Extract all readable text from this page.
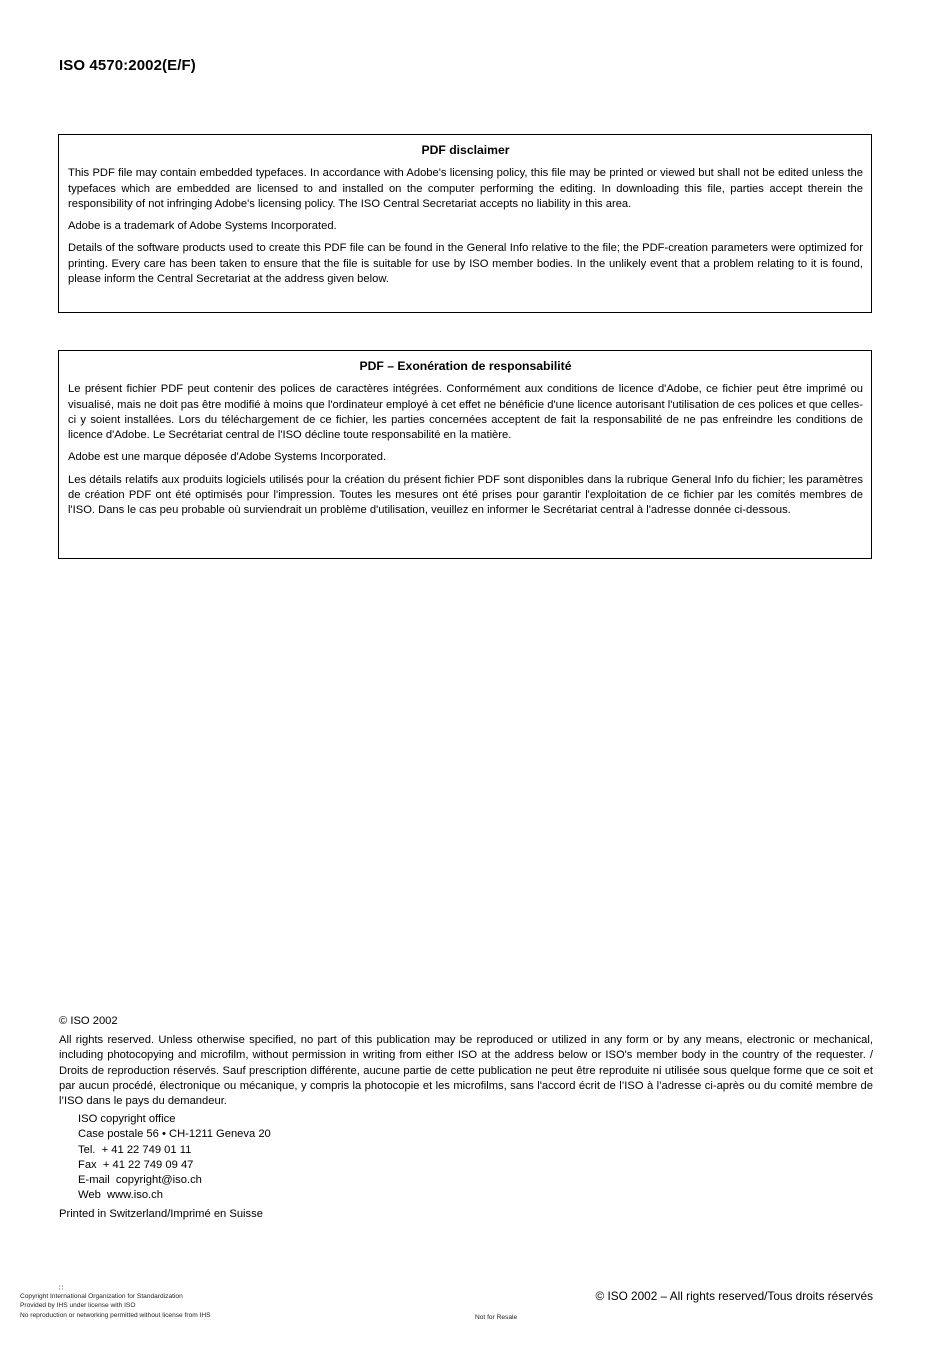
ISO 4570:2002(E/F)
PDF disclaimer

This PDF file may contain embedded typefaces. In accordance with Adobe's licensing policy, this file may be printed or viewed but shall not be edited unless the typefaces which are embedded are licensed to and installed on the computer performing the editing. In downloading this file, parties accept therein the responsibility of not infringing Adobe's licensing policy. The ISO Central Secretariat accepts no liability in this area.

Adobe is a trademark of Adobe Systems Incorporated.

Details of the software products used to create this PDF file can be found in the General Info relative to the file; the PDF-creation parameters were optimized for printing. Every care has been taken to ensure that the file is suitable for use by ISO member bodies. In the unlikely event that a problem relating to it is found, please inform the Central Secretariat at the address given below.

PDF – Exonération de responsabilité

Le présent fichier PDF peut contenir des polices de caractères intégrées. Conformément aux conditions de licence d'Adobe, ce fichier peut être imprimé ou visualisé, mais ne doit pas être modifié à moins que l'ordinateur employé à cet effet ne bénéficie d'une licence autorisant l'utilisation de ces polices et que celles-ci y soient installées. Lors du téléchargement de ce fichier, les parties concernées acceptent de fait la responsabilité de ne pas enfreindre les conditions de licence d'Adobe. Le Secrétariat central de l'ISO décline toute responsabilité en la matière.

Adobe est une marque déposée d'Adobe Systems Incorporated.

Les détails relatifs aux produits logiciels utilisés pour la création du présent fichier PDF sont disponibles dans la rubrique General Info du fichier; les paramètres de création PDF ont été optimisés pour l'impression. Toutes les mesures ont été prises pour garantir l'exploitation de ce fichier par les comités membres de l'ISO. Dans le cas peu probable où surviendrait un problème d'utilisation, veuillez en informer le Secrétariat central à l'adresse donnée ci-dessous.

© ISO 2002

All rights reserved. Unless otherwise specified, no part of this publication may be reproduced or utilized in any form or by any means, electronic or mechanical, including photocopying and microfilm, without permission in writing from either ISO at the address below or ISO's member body in the country of the requester. / Droits de reproduction réservés. Sauf prescription différente, aucune partie de cette publication ne peut être reproduite ni utilisée sous quelque forme que ce soit et par aucun procédé, électronique ou mécanique, y compris la photocopie et les microfilms, sans l'accord écrit de l’ISO à l’adresse ci-après ou du comité membre de l’ISO dans le pays du demandeur.

ISO copyright office
Case postale 56 • CH-1211 Geneva 20
Tel.  + 41 22 749 01 11
Fax  + 41 22 749 09 47
E-mail  copyright@iso.ch
Web  www.iso.ch
Printed in Switzerland/Imprimé en Suisse
∷
Copyright International Organization for Standardization
Provided by IHS under license with ISO
No reproduction or networking permitted without license from IHS	Not for Resale
© ISO 2002 – All rights reserved/Tous droits réservés
